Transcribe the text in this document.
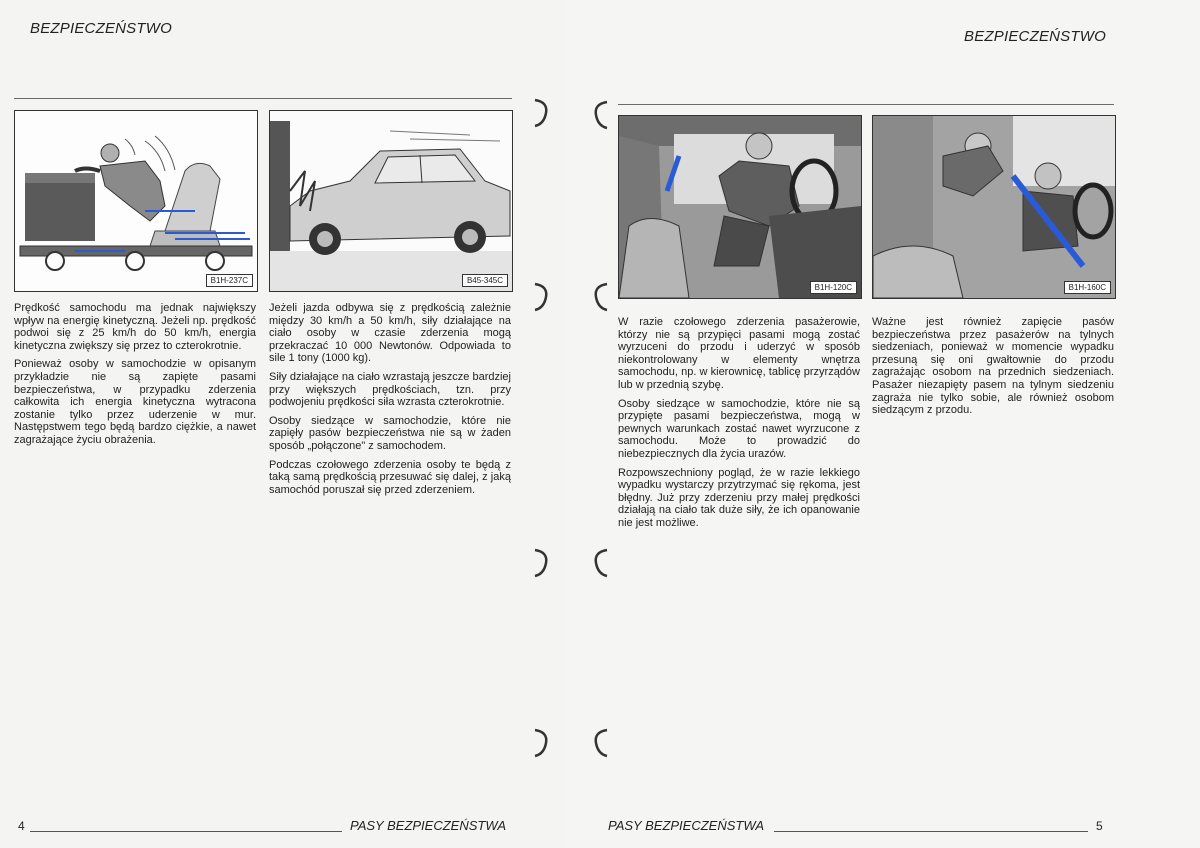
BEZPIECZEŃSTWO
B1H-237C	B45-345C

Prędkość samochodu ma jednak największy wpływ na energię kinetyczną. Jeżeli np. prędkość podwoi się z 25 km/h do 50 km/h, energia kinetyczna zwiększy się przez to czterokrotnie.

Ponieważ osoby w samochodzie w opisanym przykładzie nie są zapięte pasami bezpieczeństwa, w przypadku zderzenia całkowita ich energia kinetyczna wytracona zostanie tylko przez uderzenie w mur. Następstwem tego będą bardzo ciężkie, a nawet zagrażające życiu obrażenia.

Jeżeli jazda odbywa się z prędkością zależnie między 30 km/h a 50 km/h, siły działające na ciało osoby w czasie zderzenia mogą przekraczać 10 000 Newtonów. Odpowiada to sile 1 tony (1000 kg).

Siły działające na ciało wzrastają jeszcze bardziej przy większych prędkościach, tzn. przy podwojeniu prędkości siła wzrasta czterokrotnie.

Osoby siedzące w samochodzie, które nie zapięły pasów bezpieczeństwa nie są w żaden sposób „połączone" z samochodem.

Podczas czołowego zderzenia osoby te będą z taką samą prędkością przesuwać się dalej, z jaką samochód poruszał się przed zderzeniem.

4	PASY BEZPIECZEŃSTWA
BEZPIECZEŃSTWO
B1H-120C	B1H-160C

W razie czołowego zderzenia pasażerowie, którzy nie są przypięci pasami mogą zostać wyrzuceni do przodu i uderzyć w sposób niekontrolowany w elementy wnętrza samochodu, np. w kierownicę, tablicę przyrządów lub w przednią szybę.

Osoby siedzące w samochodzie, które nie są przypięte pasami bezpieczeństwa, mogą w pewnych warunkach zostać nawet wyrzucone z samochodu. Może to prowadzić do niebezpiecznych dla życia urazów.

Rozpowszechniony pogląd, że w razie lekkiego wypadku wystarczy przytrzymać się rękoma, jest błędny. Już przy zderzeniu przy małej prędkości działają na ciało tak duże siły, że ich opanowanie nie jest możliwe.

Ważne jest również zapięcie pasów bezpieczeństwa przez pasażerów na tylnych siedzeniach, ponieważ w momencie wypadku przesuną się oni gwałtownie do przodu zagrażając osobom na przednich siedzeniach. Pasażer niezapięty pasem na tylnym siedzeniu zagraża nie tylko sobie, ale również osobom siedzącym z przodu.

PASY BEZPIECZEŃSTWA	5
